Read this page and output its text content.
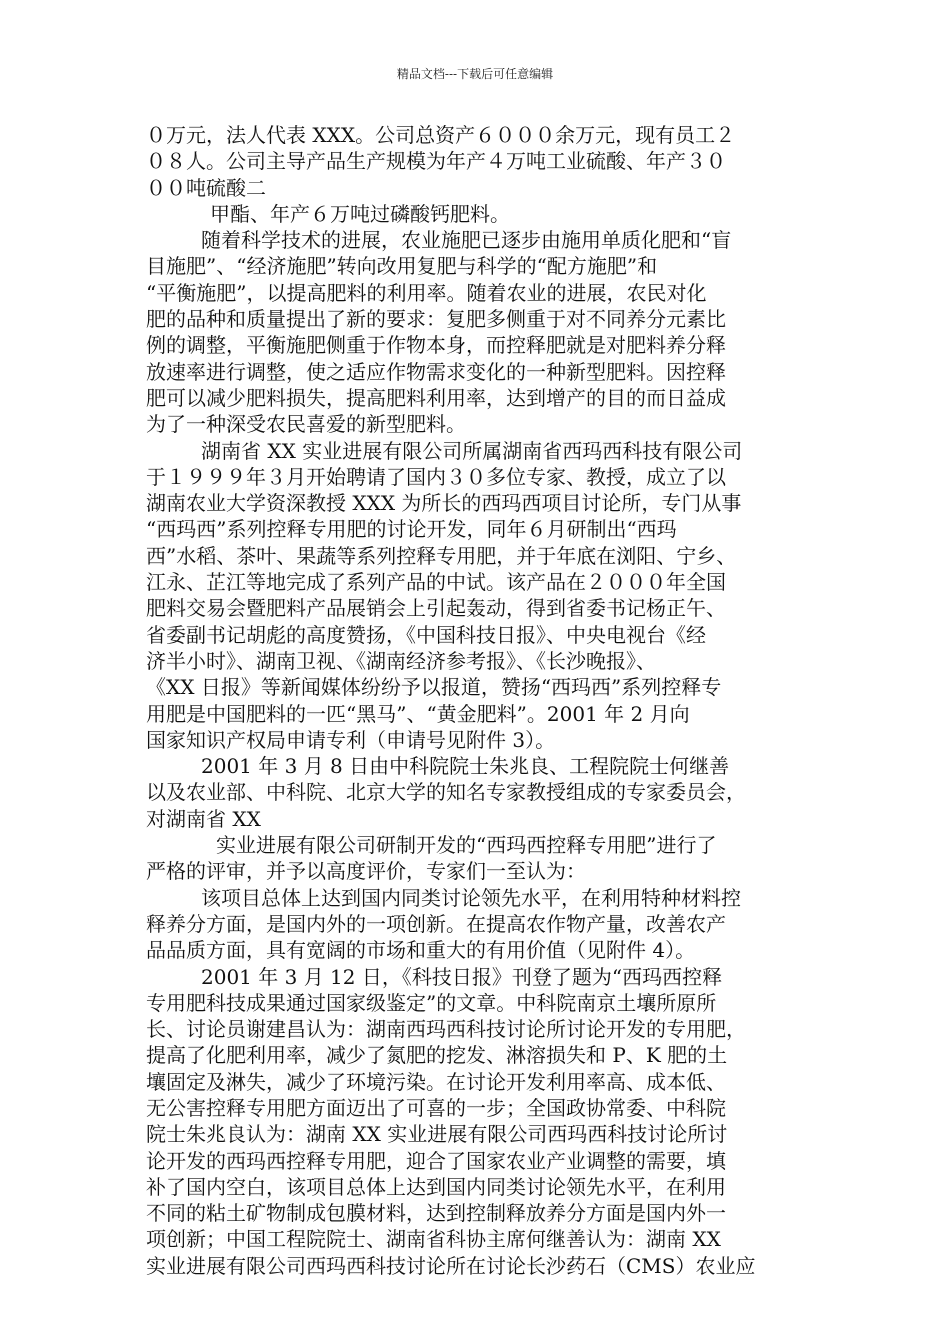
精品文档---下载后可任意编辑
０万元，法人代表 XXX。公司总资产６０００余万元，现有员工２
０８人。公司主导产品生产规模为年产４万吨工业硫酸、年产３０
００吨硫酸二
甲酯、年产６万吨过磷酸钙肥料。
随着科学技术的进展，农业施肥已逐步由施用单质化肥和“盲
目施肥”、“经济施肥”转向改用复肥与科学的“配方施肥”和
“平衡施肥”，以提高肥料的利用率。随着农业的进展，农民对化
肥的品种和质量提出了新的要求：复肥多侧重于对不同养分元素比
例的调整，平衡施肥侧重于作物本身，而控释肥就是对肥料养分释
放速率进行调整，使之适应作物需求变化的一种新型肥料。因控释
肥可以减少肥料损失，提高肥料利用率，达到增产的目的而日益成
为了一种深受农民喜爱的新型肥料。
湖南省 XX 实业进展有限公司所属湖南省西玛西科技有限公司
于１９９９年３月开始聘请了国内３０多位专家、教授，成立了以
湖南农业大学资深教授 XXX 为所长的西玛西项目讨论所，专门从事
“西玛西”系列控释专用肥的讨论开发，同年６月研制出“西玛
西”水稻、茶叶、果蔬等系列控释专用肥，并于年底在浏阳、宁乡、
江永、芷江等地完成了系列产品的中试。该产品在２０００年全国
肥料交易会暨肥料产品展销会上引起轰动，得到省委书记杨正午、
省委副书记胡彪的高度赞扬，《中国科技日报》、中央电视台《经
济半小时》、湖南卫视、《湖南经济参考报》、《长沙晚报》、
《XX 日报》等新闻媒体纷纷予以报道，赞扬“西玛西”系列控释专
用肥是中国肥料的一匹“黑马”、“黄金肥料”。2001 年 2 月向
国家知识产权局申请专利（申请号见附件 3）。
2001 年 3 月 8 日由中科院院士朱兆良、工程院院士何继善
以及农业部、中科院、北京大学的知名专家教授组成的专家委员会，
对湖南省 XX
实业进展有限公司研制开发的“西玛西控释专用肥”进行了
严格的评审，并予以高度评价，专家们一至认为：
该项目总体上达到国内同类讨论领先水平，在利用特种材料控
释养分方面，是国内外的一项创新。在提高农作物产量，改善农产
品品质方面，具有宽阔的市场和重大的有用价值（见附件 4）。
2001 年 3 月 12 日，《科技日报》刊登了题为“西玛西控释
专用肥科技成果通过国家级鉴定”的文章。中科院南京土壤所原所
长、讨论员谢建昌认为：湖南西玛西科技讨论所讨论开发的专用肥，
提高了化肥利用率，减少了氮肥的挖发、淋溶损失和 P、K 肥的土
壤固定及淋失，减少了环境污染。在讨论开发利用率高、成本低、
无公害控释专用肥方面迈出了可喜的一步；全国政协常委、中科院
院士朱兆良认为：湖南 XX 实业进展有限公司西玛西科技讨论所讨
论开发的西玛西控释专用肥，迎合了国家农业产业调整的需要，填
补了国内空白，该项目总体上达到国内同类讨论领先水平，在利用
不同的粘土矿物制成包膜材料，达到控制释放养分方面是国内外一
项创新；中国工程院院士、湖南省科协主席何继善认为：湖南 XX
实业进展有限公司西玛西科技讨论所在讨论长沙药石（CMS）农业应
